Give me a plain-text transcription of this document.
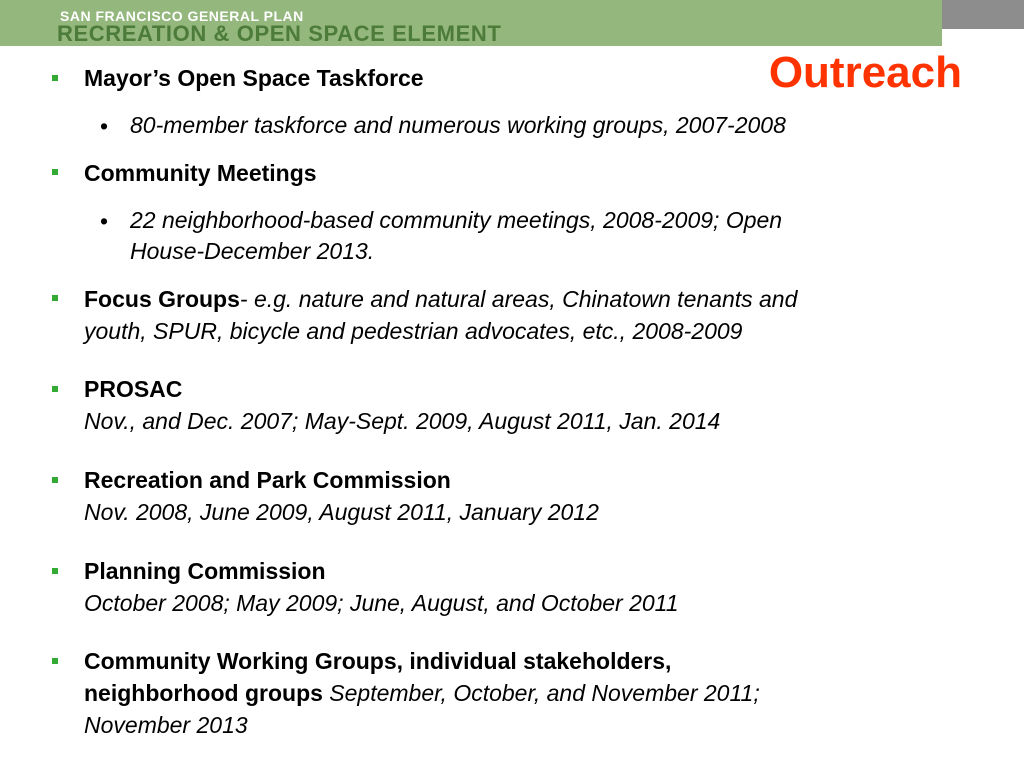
SAN FRANCISCO GENERAL PLAN
RECREATION & OPEN SPACE ELEMENT
Outreach
Mayor’s Open Space Taskforce
• 80-member taskforce and numerous working groups, 2007-2008
Community Meetings
• 22 neighborhood-based community meetings, 2008-2009; Open
House-December 2013.
Focus Groups- e.g. nature and natural areas, Chinatown tenants and
youth, SPUR, bicycle and pedestrian advocates, etc., 2008-2009
PROSAC
Nov., and Dec. 2007; May-Sept. 2009, August 2011, Jan. 2014
Recreation and Park Commission
Nov. 2008, June 2009, August 2011, January 2012
Planning Commission
October 2008; May 2009; June, August, and October 2011
Community Working Groups, individual stakeholders,
neighborhood groups September, October, and November 2011;
November 2013
